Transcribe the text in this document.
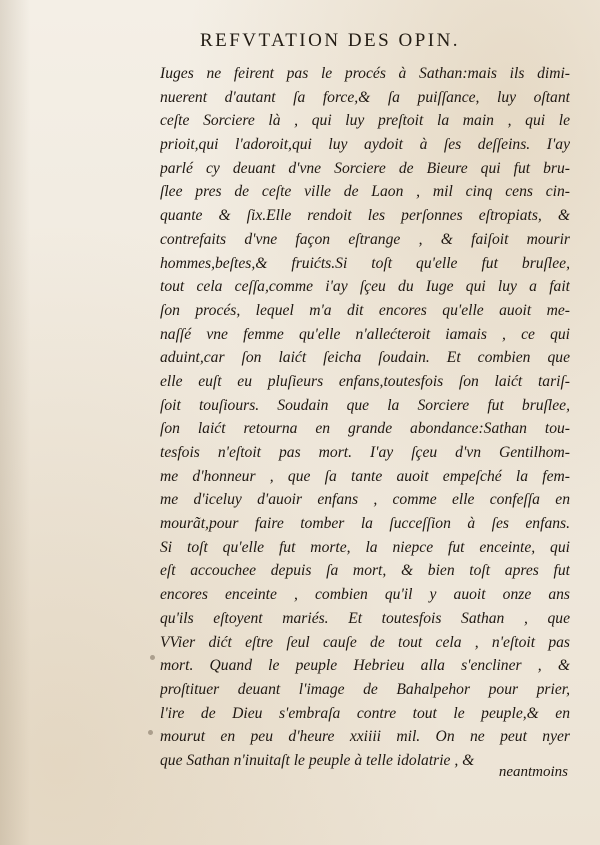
REFVTATION DES OPIN.
Iuges ne feirent pas le procés à Sathan:mais ils dimi-
nuerent d'autant ſa force,& ſa puiſſance, luy oſtant
ceſte Sorciere là , qui luy preſtoit la main , qui le
prioit,qui l'adoroit,qui luy aydoit à ſes deſſeins. I'ay
parlé cy deuant d'vne Sorciere de Bieure qui fut bru-
ſlee pres de ceſte ville de Laon , mil cinq cens cin-
quante & ſix.Elle rendoit les perſonnes eſtropiats, &
contrefaits d'vne façon eſtrange , & faiſoit mourir
hommes,beſtes,& fruićts.Si toſt qu'elle fut bruſlee,
tout cela ceſſa,comme i'ay ſçeu du Iuge qui luy a fait
ſon procés, lequel m'a dit encores qu'elle auoit me-
naſſé vne femme qu'elle n'allećteroit iamais , ce qui
aduint,car ſon laićt ſeicha ſoudain. Et combien que
elle euſt eu pluſieurs enfans,toutesfois ſon laićt tariſ-
ſoit touſiours. Soudain que la Sorciere fut bruſlee,
ſon laićt retourna en grande abondance:Sathan tou-
tesfois n'eſtoit pas mort. I'ay ſçeu d'vn Gentilhom-
me d'honneur , que ſa tante auoit empeſché la fem-
me d'iceluy d'auoir enfans , comme elle confeſſa en
mourãt,pour faire tomber la ſucceſſion à ſes enfans.
Si toſt qu'elle fut morte, la niepce fut enceinte, qui
eſt accouchee depuis ſa mort, & bien toſt apres fut
encores enceinte , combien qu'il y auoit onze ans
qu'ils eſtoyent mariés. Et toutesfois Sathan , que
VVier dićt eſtre ſeul cauſe de tout cela , n'eſtoit pas
mort. Quand le peuple Hebrieu alla s'encliner , &
proſtituer deuant l'image de Bahalpehor pour prier,
l'ire de Dieu s'embraſa contre tout le peuple,& en
mourut en peu d'heure xxiiii mil. On ne peut nyer
que Sathan n'inuitaſt le peuple à telle idolatrie , &
neantmoins
